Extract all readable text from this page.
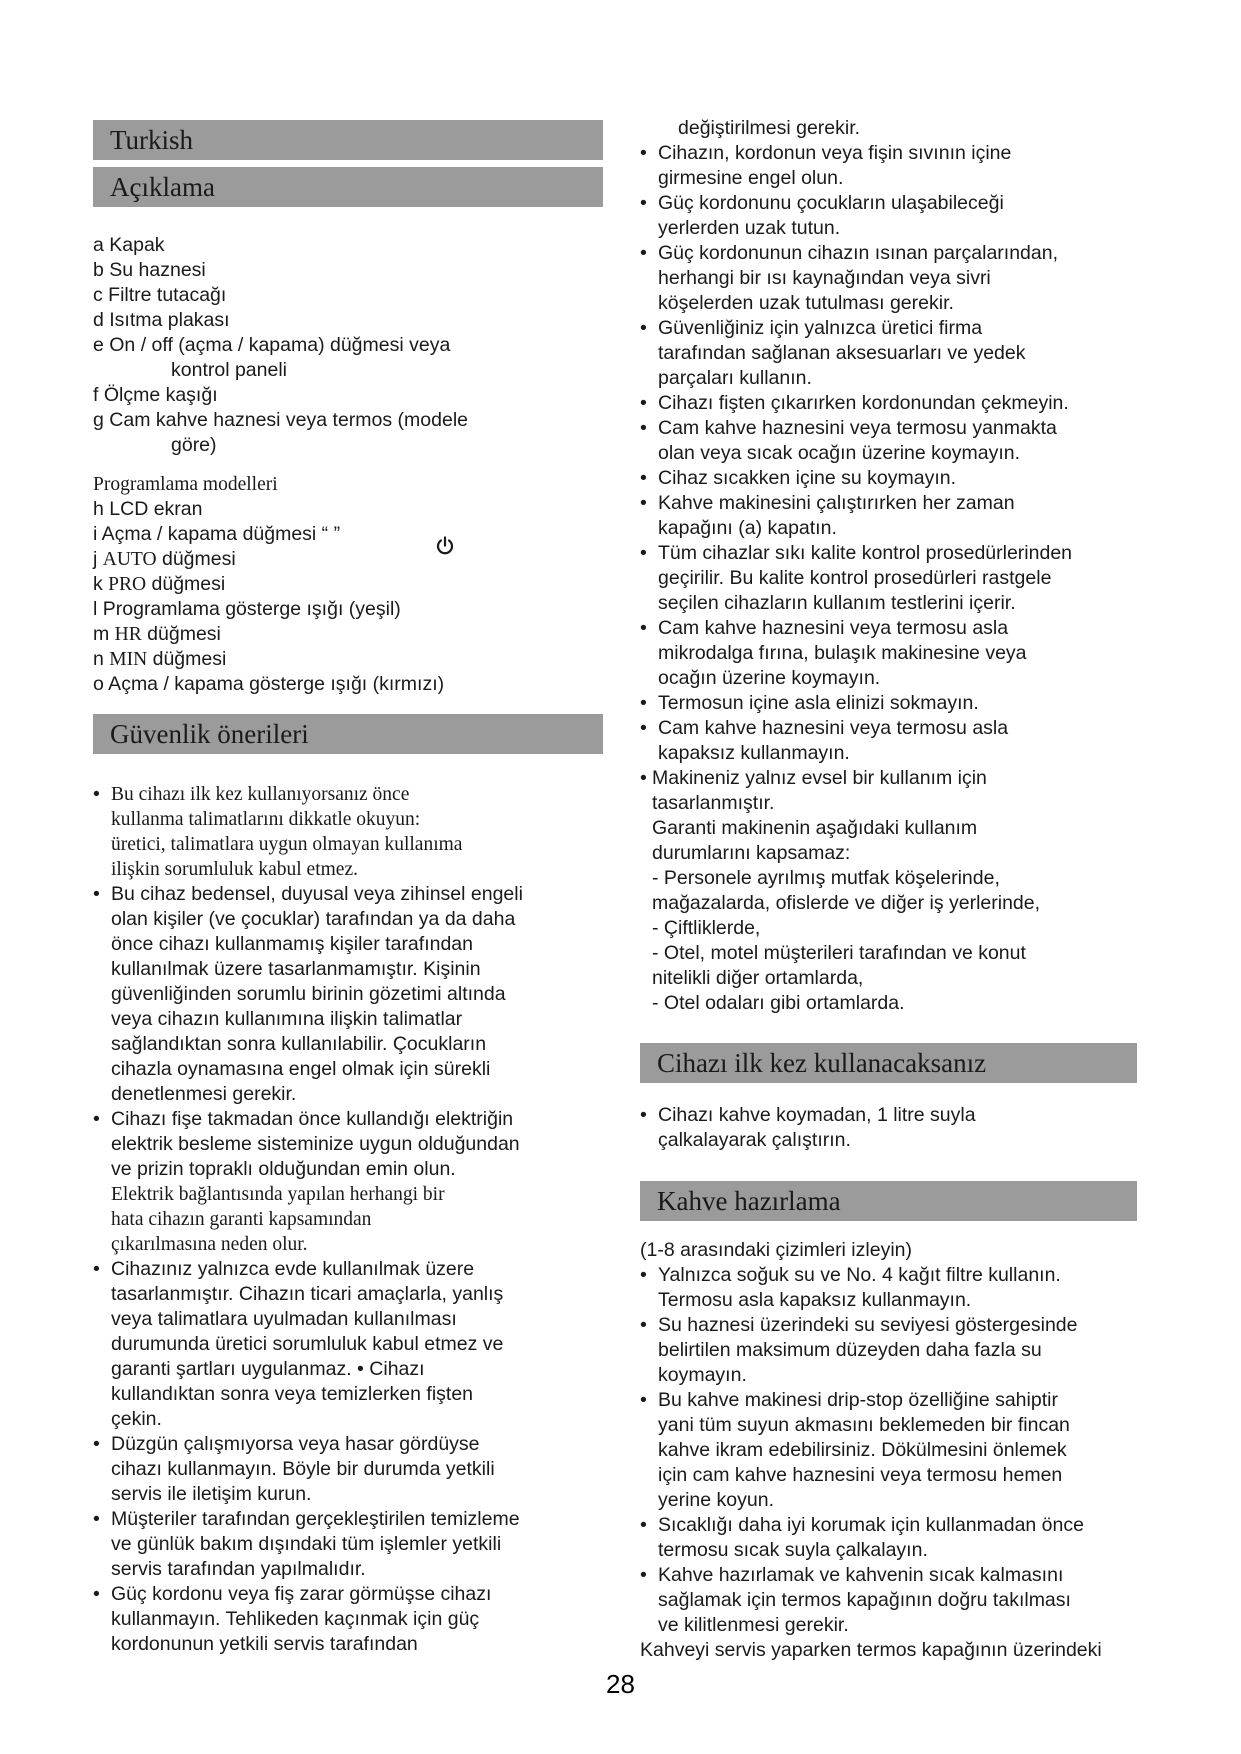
Turkish
Açıklama
a Kapak
b Su haznesi
c Filtre tutacağı
d Isıtma plakası
e On / off (açma / kapama) düğmesi veya
kontrol paneli
f Ölçme kaşığı
g Cam kahve haznesi veya termos (modele
göre)
Programlama modelleri
h LCD ekran
i Açma / kapama düğmesi “ ”
j AUTO düğmesi
k PRO düğmesi
l Programlama gösterge ışığı (yeşil)
m HR düğmesi
n MIN düğmesi
o Açma / kapama gösterge ışığı (kırmızı)
Güvenlik önerileri
• Bu cihazı ilk kez kullanıyorsanız önce
kullanma talimatlarını dikkatle okuyun:
üretici, talimatlara uygun olmayan kullanıma
ilişkin sorumluluk kabul etmez.
• Bu cihaz bedensel, duyusal veya zihinsel engeli
olan kişiler (ve çocuklar) tarafından ya da daha
önce cihazı kullanmamış kişiler tarafından
kullanılmak üzere tasarlanmamıştır. Kişinin
güvenliğinden sorumlu birinin gözetimi altında
veya cihazın kullanımına ilişkin talimatlar
sağlandıktan sonra kullanılabilir. Çocukların
cihazla oynamasına engel olmak için sürekli
denetlenmesi gerekir.
• Cihazı fişe takmadan önce kullandığı elektriğin
elektrik besleme sisteminize uygun olduğundan
ve prizin topraklı olduğundan emin olun.
Elektrik bağlantısında yapılan herhangi bir
hata cihazın garanti kapsamından
çıkarılmasına neden olur.
• Cihazınız yalnızca evde kullanılmak üzere
tasarlanmıştır. Cihazın ticari amaçlarla, yanlış
veya talimatlara uyulmadan kullanılması
durumunda üretici sorumluluk kabul etmez ve
garanti şartları uygulanmaz. • Cihazı
kullandıktan sonra veya temizlerken fişten
çekin.
• Düzgün çalışmıyorsa veya hasar gördüyse
cihazı kullanmayın. Böyle bir durumda yetkili
servis ile iletişim kurun.
• Müşteriler tarafından gerçekleştirilen temizleme
ve günlük bakım dışındaki tüm işlemler yetkili
servis tarafından yapılmalıdır.
• Güç kordonu veya fiş zarar görmüşse cihazı
kullanmayın. Tehlikeden kaçınmak için güç
kordonunun yetkili servis tarafından
değiştirilmesi gerekir.
• Cihazın, kordonun veya fişin sıvının içine
girmesine engel olun.
• Güç kordonunu çocukların ulaşabileceği
yerlerden uzak tutun.
• Güç kordonunun cihazın ısınan parçalarından,
herhangi bir ısı kaynağından veya sivri
köşelerden uzak tutulması gerekir.
• Güvenliğiniz için yalnızca üretici firma
tarafından sağlanan aksesuarları ve yedek
parçaları kullanın.
• Cihazı fişten çıkarırken kordonundan çekmeyin.
• Cam kahve haznesini veya termosu yanmakta
olan veya sıcak ocağın üzerine koymayın.
• Cihaz sıcakken içine su koymayın.
• Kahve makinesini çalıştırırken her zaman
kapağını (a) kapatın.
• Tüm cihazlar sıkı kalite kontrol prosedürlerinden
geçirilir. Bu kalite kontrol prosedürleri rastgele
seçilen cihazların kullanım testlerini içerir.
• Cam kahve haznesini veya termosu asla
mikrodalga fırına, bulaşık makinesine veya
ocağın üzerine koymayın.
• Termosun içine asla elinizi sokmayın.
• Cam kahve haznesini veya termosu asla
kapaksız kullanmayın.
• Makineniz yalnız evsel bir kullanım için
tasarlanmıştır.
Garanti makinenin aşağıdaki kullanım
durumlarını kapsamaz:
- Personele ayrılmış mutfak köşelerinde,
mağazalarda, ofislerde ve diğer iş yerlerinde,
- Çiftliklerde,
- Otel, motel müşterileri tarafından ve konut
nitelikli diğer ortamlarda,
- Otel odaları gibi ortamlarda.
Cihazı ilk kez kullanacaksanız
• Cihazı kahve koymadan, 1 litre suyla
çalkalayarak çalıştırın.
Kahve hazırlama
(1-8 arasındaki çizimleri izleyin)
• Yalnızca soğuk su ve No. 4 kağıt filtre kullanın.
Termosu asla kapaksız kullanmayın.
• Su haznesi üzerindeki su seviyesi göstergesinde
belirtilen maksimum düzeyden daha fazla su
koymayın.
• Bu kahve makinesi drip-stop özelliğine sahiptir
yani tüm suyun akmasını beklemeden bir fincan
kahve ikram edebilirsiniz. Dökülmesini önlemek
için cam kahve haznesini veya termosu hemen
yerine koyun.
• Sıcaklığı daha iyi korumak için kullanmadan önce
termosu sıcak suyla çalkalayın.
• Kahve hazırlamak ve kahvenin sıcak kalmasını
sağlamak için termos kapağının doğru takılması
ve kilitlenmesi gerekir.
Kahveyi servis yaparken termos kapağının üzerindeki
28
